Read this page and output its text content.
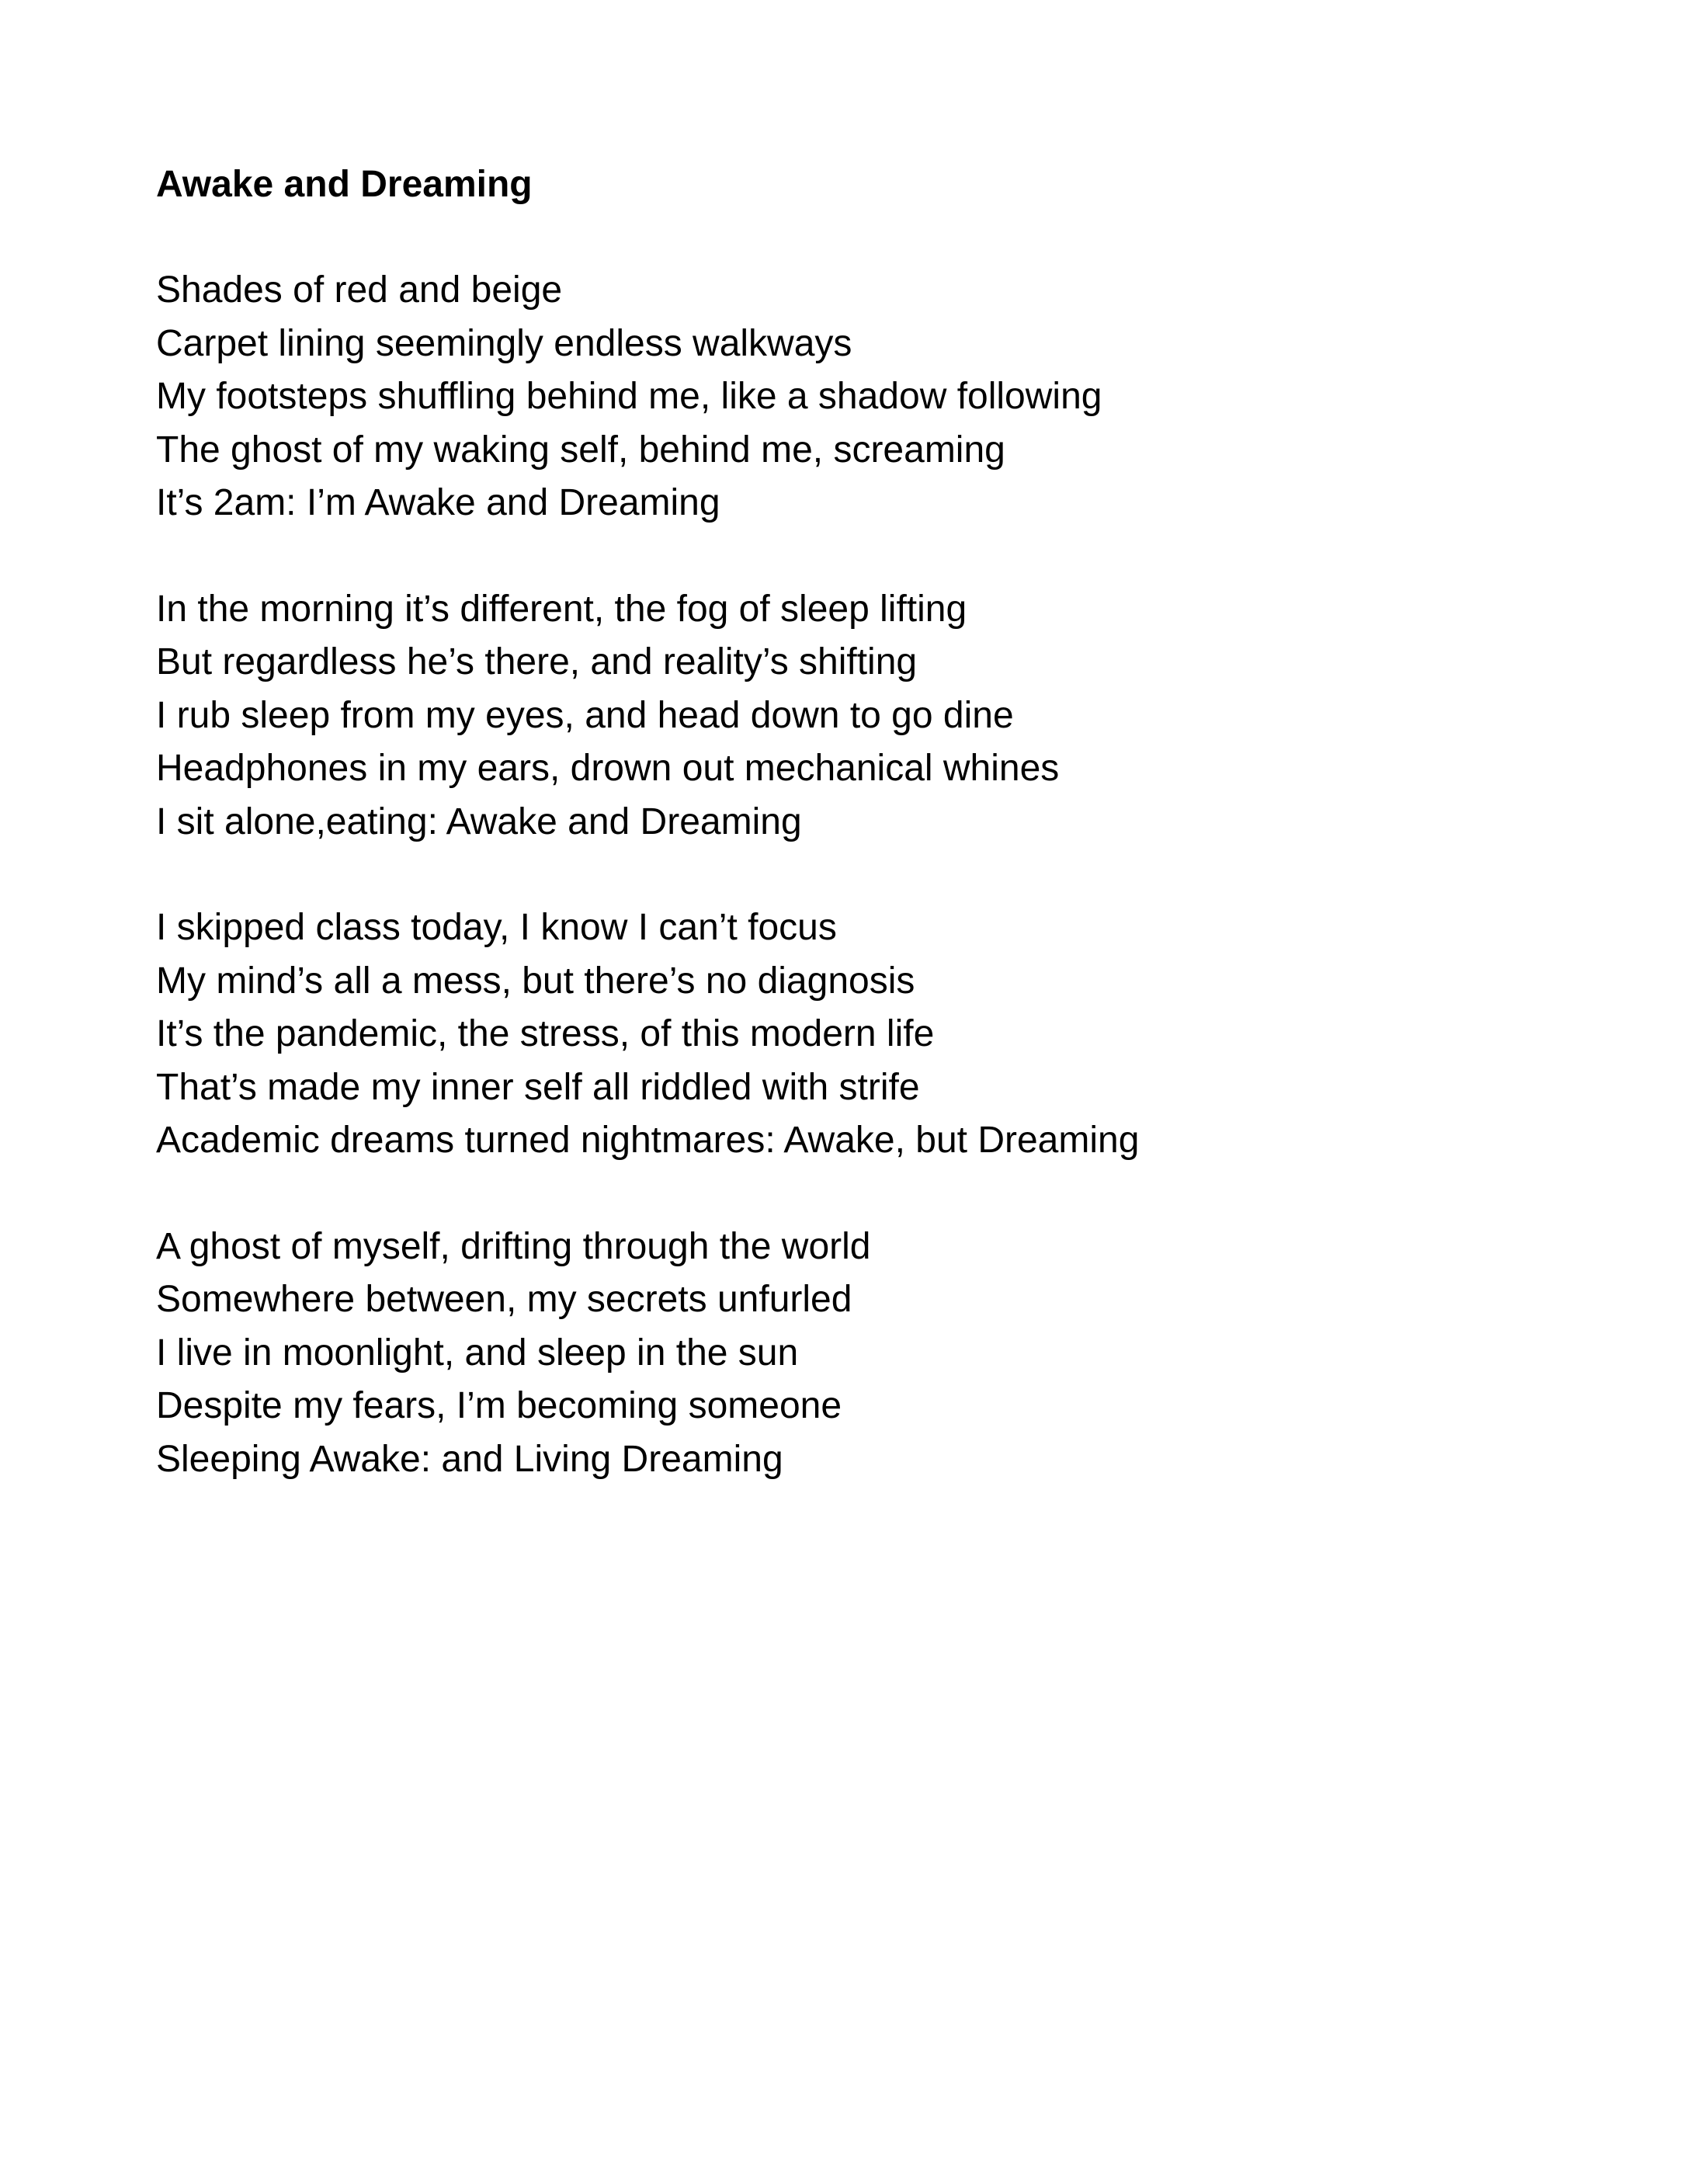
Awake and Dreaming

Shades of red and beige

Carpet lining seemingly endless walkways

My footsteps shuffling behind me, like a shadow following

The ghost of my waking self, behind me, screaming

It’s 2am: I’m Awake and Dreaming

In the morning it’s different, the fog of sleep lifting

But regardless he’s there, and reality’s shifting

I rub sleep from my eyes, and head down to go dine

Headphones in my ears, drown out mechanical whines

I sit alone,eating: Awake and Dreaming

I skipped class today, I know I can’t focus

My mind’s all a mess, but there’s no diagnosis

It’s the pandemic, the stress, of this modern life

That’s made my inner self all riddled with strife

Academic dreams turned nightmares: Awake, but Dreaming

A ghost of myself, drifting through the world

Somewhere between, my secrets unfurled

I live in moonlight, and sleep in the sun

Despite my fears, I’m becoming someone

Sleeping Awake: and Living Dreaming
